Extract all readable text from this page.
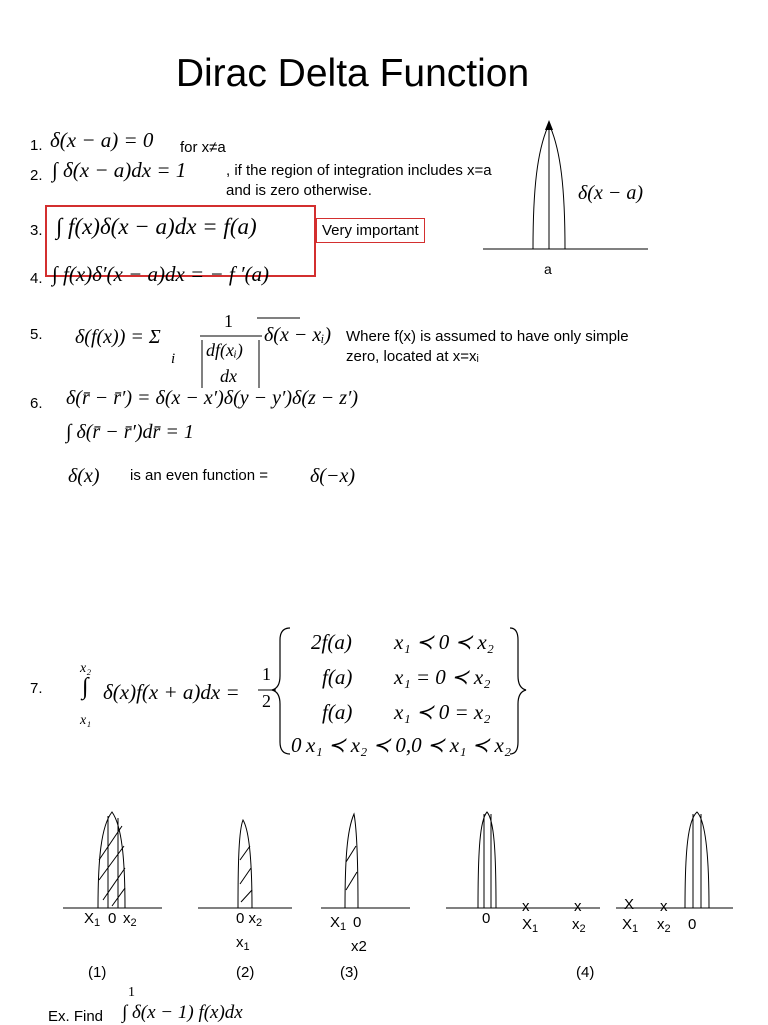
Dirac Delta Function
1. δ(x − a) = 0 for x≠a
2. ∫ δ(x − a)dx = 1	, if the region of integration includes x=a
and is zero otherwise.
3. ∫ f(x)δ(x − a)dx = f(a)	Very important
4. ∫ f(x)δ′(x − a)dx = − f ′(a)
5. δ(f(x)) = Σ
i
1
df(xᵢ)
dx
δ(x − xᵢ) Where f(x) is assumed to have only simple
zero, located at x=xᵢ
6. δ(r̄ − r̄′) = δ(x − x′)δ(y − y′)δ(z − z′)
∫ δ(r̄ − r̄′)dr̄ = 1
δ(x) is an even function = δ(−x)
7.
x₂
∫
x₁
δ(x)f(x + a)dx =
1
2
2f(a) x₁ ≺ 0 ≺ x₂
f(a) x₁ = 0 ≺ x₂
f(a) x₁ ≺ 0 = x₂
0 x₁ ≺ x₂ ≺ 0,0 ≺ x₁ ≺ x₂
Ex. Find
1
∫ δ(x − 1) f(x)dx
δ(x − a)
a
$X_1$ 0 $x_2$
(1)
0 $x_2$
$x_1$
(2)
$X_1$ 0
x2
(3)
0
x	x
$X_1$ $x_2$
X x
$X_1$ $x_2$ 0
(4)
